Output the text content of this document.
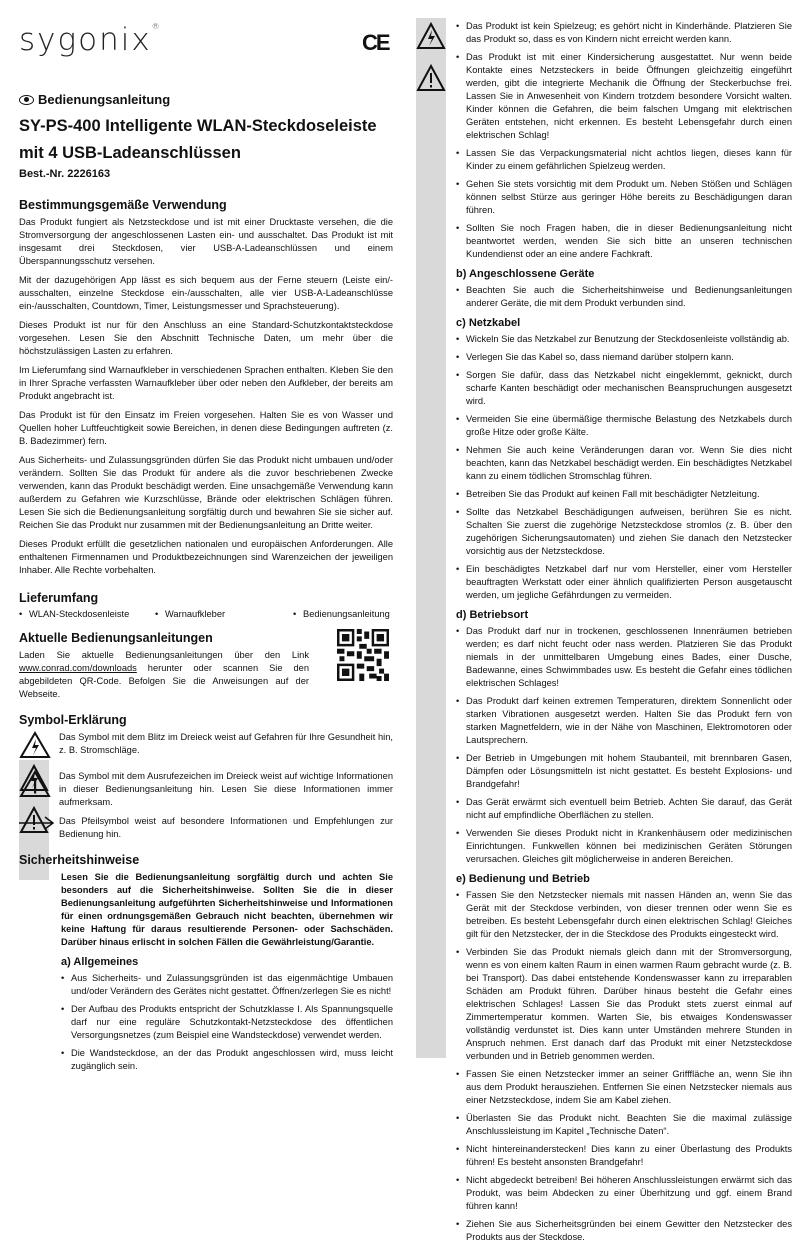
CE
sygonix®
Bedienungsanleitung
SY-PS-400 Intelligente WLAN-Steckdoseleiste
mit 4 USB-Ladeanschlüssen
Best.-Nr. 2226163
Bestimmungsgemäße Verwendung

Das Produkt fungiert als Netzsteckdose und ist mit einer Drucktaste versehen, die die Stromversorgung der angeschlossenen Lasten ein- und ausschaltet. Das Produkt ist mit insgesamt drei Steckdosen, vier USB-A-Ladeanschlüssen und einem Überspannungsschutz versehen.

Mit der dazugehörigen App lässt es sich bequem aus der Ferne steuern (Leiste ein/-ausschalten, einzelne Steckdose ein-/ausschalten, alle vier USB-A-Ladeanschlüsse ein-/ausschalten, Countdown, Timer, Leistungsmesser und Sprachsteuerung).

Dieses Produkt ist nur für den Anschluss an eine Standard-Schutzkontaktsteckdose vorgesehen. Lesen Sie den Abschnitt Technische Daten, um mehr über die höchstzulässigen Lasten zu erfahren.

Im Lieferumfang sind Warnaufkleber in verschiedenen Sprachen enthalten. Kleben Sie den in Ihrer Sprache verfassten Warnaufkleber über oder neben den Aufkleber, der bereits am Produkt angebracht ist.

Das Produkt ist für den Einsatz im Freien vorgesehen. Halten Sie es von Wasser und Quellen hoher Luftfeuchtigkeit sowie Bereichen, in denen diese Bedingungen auftreten (z. B. Badezimmer) fern.

Aus Sicherheits- und Zulassungsgründen dürfen Sie das Produkt nicht umbauen und/oder verändern. Sollten Sie das Produkt für andere als die zuvor beschriebenen Zwecke verwenden, kann das Produkt beschädigt werden. Eine unsachgemäße Verwendung kann außerdem zu Gefahren wie Kurzschlüsse, Brände oder elektrischen Schlägen führen. Lesen Sie sich die Bedienungsanleitung sorgfältig durch und bewahren Sie sie sicher auf. Reichen Sie das Produkt nur zusammen mit der Bedienungsanleitung an Dritte weiter.

Dieses Produkt erfüllt die gesetzlichen nationalen und europäischen Anforderungen. Alle enthaltenen Firmennamen und Produktbezeichnungen sind Warenzeichen der jeweiligen Inhaber. Alle Rechte vorbehalten.

Lieferumfang
• WLAN-Steckdosenleiste	• Warnaufkleber	• Bedienungsanleitung
Aktuelle Bedienungsanleitungen

Laden Sie aktuelle Bedienungsanleitungen über den Link www.conrad.com/downloads herunter oder scannen Sie den abgebildeten QR-Code. Befolgen Sie die Anweisungen auf der Webseite.

Symbol-Erklärung

Das Symbol mit dem Blitz im Dreieck weist auf Gefahren für Ihre Gesundheit hin, z. B. Stromschläge.

Das Symbol mit dem Ausrufezeichen im Dreieck weist auf wichtige Informationen in dieser Bedienungsanleitung hin. Lesen Sie diese Informationen immer aufmerksam.

Das Pfeilsymbol weist auf besondere Informationen und Empfehlungen zur Bedienung hin.

Sicherheitshinweise

Lesen Sie die Bedienungsanleitung sorgfältig durch und achten Sie besonders auf die Sicherheitshinweise. Sollten Sie die in dieser Bedienungsanleitung aufgeführten Sicherheitshinweise und Informationen für einen ordnungsgemäßen Gebrauch nicht beachten, übernehmen wir keine Haftung für daraus resultierende Personen- oder Sachschäden. Darüber hinaus erlischt in solchen Fällen die Gewährleistung/Garantie.

a) Allgemeines
• Aus Sicherheits- und Zulassungsgründen ist das eigenmächtige Umbauen und/oder Verändern des Gerätes nicht gestattet. Öffnen/zerlegen Sie es nicht!
• Der Aufbau des Produkts entspricht der Schutzklasse I. Als Spannungsquelle darf nur eine reguläre Schutzkontakt-Netzsteckdose des öffentlichen Versorgungsnetzes (zum Beispiel eine Wandsteckdose) verwendet werden.
• Die Wandsteckdose, an der das Produkt angeschlossen wird, muss leicht zugänglich sein.
• Das Produkt ist kein Spielzeug; es gehört nicht in Kinderhände. Platzieren Sie das Produkt so, dass es von Kindern nicht erreicht werden kann.
• Das Produkt ist mit einer Kindersicherung ausgestattet. Nur wenn beide Kontakte eines Netzsteckers in beide Öffnungen gleichzeitig eingeführt werden, gibt die integrierte Mechanik die Öffnung der Steckerbuchse frei. Lassen Sie in Anwesenheit von Kindern trotzdem besondere Vorsicht walten. Kinder können die Gefahren, die beim falschen Umgang mit elektrischen Geräten entstehen, nicht erkennen. Es besteht Lebensgefahr durch einen elektrischen Schlag!
• Lassen Sie das Verpackungsmaterial nicht achtlos liegen, dieses kann für Kinder zu einem gefährlichen Spielzeug werden.
• Gehen Sie stets vorsichtig mit dem Produkt um. Neben Stößen und Schlägen können selbst Stürze aus geringer Höhe bereits zu Beschädigungen daran führen.
• Sollten Sie noch Fragen haben, die in dieser Bedienungsanleitung nicht beantwortet werden, wenden Sie sich bitte an unseren technischen Kundendienst oder an eine andere Fachkraft.
b) Angeschlossene Geräte
• Beachten Sie auch die Sicherheitshinweise und Bedienungsanleitungen anderer Geräte, die mit dem Produkt verbunden sind.
c) Netzkabel
• Wickeln Sie das Netzkabel zur Benutzung der Steckdosenleiste vollständig ab.
• Verlegen Sie das Kabel so, dass niemand darüber stolpern kann.
• Sorgen Sie dafür, dass das Netzkabel nicht eingeklemmt, geknickt, durch scharfe Kanten beschädigt oder mechanischen Beanspruchungen ausgesetzt wird.
• Vermeiden Sie eine übermäßige thermische Belastung des Netzkabels durch große Hitze oder große Kälte.
• Nehmen Sie auch keine Veränderungen daran vor. Wenn Sie dies nicht beachten, kann das Netzkabel beschädigt werden. Ein beschädigtes Netzkabel kann zu einem tödlichen Stromschlag führen.
• Betreiben Sie das Produkt auf keinen Fall mit beschädigter Netzleitung.
• Sollte das Netzkabel Beschädigungen aufweisen, berühren Sie es nicht. Schalten Sie zuerst die zugehörige Netzsteckdose stromlos (z. B. über den zugehörigen Sicherungsautomaten) und ziehen Sie danach den Netzstecker vorsichtig aus der Netzsteckdose.
• Ein beschädigtes Netzkabel darf nur vom Hersteller, einer vom Hersteller beauftragten Werkstatt oder einer ähnlich qualifizierten Person ausgetauscht werden, um jegliche Gefährdungen zu vermeiden.
d) Betriebsort
• Das Produkt darf nur in trockenen, geschlossenen Innenräumen betrieben werden; es darf nicht feucht oder nass werden. Platzieren Sie das Produkt niemals in der unmittelbaren Umgebung eines Bades, einer Dusche, Badewanne, eines Schwimmbades usw. Es besteht die Gefahr eines tödlichen elektrischen Schlages!
• Das Produkt darf keinen extremen Temperaturen, direktem Sonnenlicht oder starken Vibrationen ausgesetzt werden. Halten Sie das Produkt fern von starken Magnetfeldern, wie in der Nähe von Maschinen, Elektromotoren oder Lautsprechern.
• Der Betrieb in Umgebungen mit hohem Staubanteil, mit brennbaren Gasen, Dämpfen oder Lösungsmitteln ist nicht gestattet. Es besteht Explosions- und Brandgefahr!
• Das Gerät erwärmt sich eventuell beim Betrieb. Achten Sie darauf, das Gerät nicht auf empfindliche Oberflächen zu stellen.
• Verwenden Sie dieses Produkt nicht in Krankenhäusern oder medizinischen Einrichtungen. Funkwellen können bei medizinischen Geräten Störungen verursachen. Gleiches gilt möglicherweise in anderen Bereichen.
e) Bedienung und Betrieb
• Fassen Sie den Netzstecker niemals mit nassen Händen an, wenn Sie das Gerät mit der Steckdose verbinden, von dieser trennen oder wenn Sie es betreiben. Es besteht Lebensgefahr durch einen elektrischen Schlag! Gleiches gilt für den Netzstecker, der in die Steckdose des Produkts eingesteckt wird.
• Verbinden Sie das Produkt niemals gleich dann mit der Stromversorgung, wenn es von einem kalten Raum in einen warmen Raum gebracht wurde (z. B. bei Transport). Das dabei entstehende Kondenswasser kann zu irreparablen Schäden am Produkt führen. Darüber hinaus besteht die Gefahr eines elektrischen Schlages! Lassen Sie das Produkt stets zuerst einmal auf Zimmertemperatur kommen. Warten Sie, bis etwaiges Kondenswasser vollständig verdunstet ist. Dies kann unter Umständen mehrere Stunden in Anspruch nehmen. Erst danach darf das Produkt mit einer Netzsteckdose verbunden und in Betrieb genommen werden.
• Fassen Sie einen Netzstecker immer an seiner Grifffläche an, wenn Sie ihn aus dem Produkt herausziehen. Entfernen Sie einen Netzstecker niemals aus einer Netzsteckdose, indem Sie am Kabel ziehen.
• Überlasten Sie das Produkt nicht. Beachten Sie die maximal zulässige Anschlussleistung im Kapitel „Technische Daten“.
• Nicht hintereinanderstecken! Dies kann zu einer Überlastung des Produkts führen! Es besteht ansonsten Brandgefahr!
• Nicht abgedeckt betreiben! Bei höheren Anschlussleistungen erwärmt sich das Produkt, was beim Abdecken zu einer Überhitzung und ggf. einem Brand führen kann!
• Ziehen Sie aus Sicherheitsgründen bei einem Gewitter den Netzstecker des Produkts aus der Steckdose.
